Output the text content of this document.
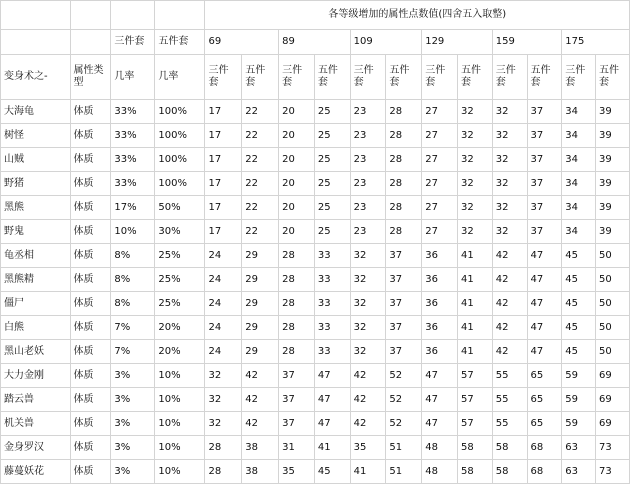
				各等级增加的属性点数值(四舍五入取整)											
		三件套	五件套	69		89		109		129		159		175	
变身术之-	属性类型	几率	几率	三件套	五件套	三件套	五件套	三件套	五件套	三件套	五件套	三件套	五件套	三件套	五件套
大海龟	体质	33%	100%	17	22	20	25	23	28	27	32	32	37	34	39
树怪	体质	33%	100%	17	22	20	25	23	28	27	32	32	37	34	39
山贼	体质	33%	100%	17	22	20	25	23	28	27	32	32	37	34	39
野猪	体质	33%	100%	17	22	20	25	23	28	27	32	32	37	34	39
黑熊	体质	17%	50%	17	22	20	25	23	28	27	32	32	37	34	39
野鬼	体质	10%	30%	17	22	20	25	23	28	27	32	32	37	34	39
龟丞相	体质	8%	25%	24	29	28	33	32	37	36	41	42	47	45	50
黑熊精	体质	8%	25%	24	29	28	33	32	37	36	41	42	47	45	50
僵尸	体质	8%	25%	24	29	28	33	32	37	36	41	42	47	45	50
白熊	体质	7%	20%	24	29	28	33	32	37	36	41	42	47	45	50
黑山老妖	体质	7%	20%	24	29	28	33	32	37	36	41	42	47	45	50
大力金刚	体质	3%	10%	32	42	37	47	42	52	47	57	55	65	59	69
踏云兽	体质	3%	10%	32	42	37	47	42	52	47	57	55	65	59	69
机关兽	体质	3%	10%	32	42	37	47	42	52	47	57	55	65	59	69
金身罗汉	体质	3%	10%	28	38	31	41	35	51	48	58	58	68	63	73
藤蔓妖花	体质	3%	10%	28	38	35	45	41	51	48	58	58	68	63	73
